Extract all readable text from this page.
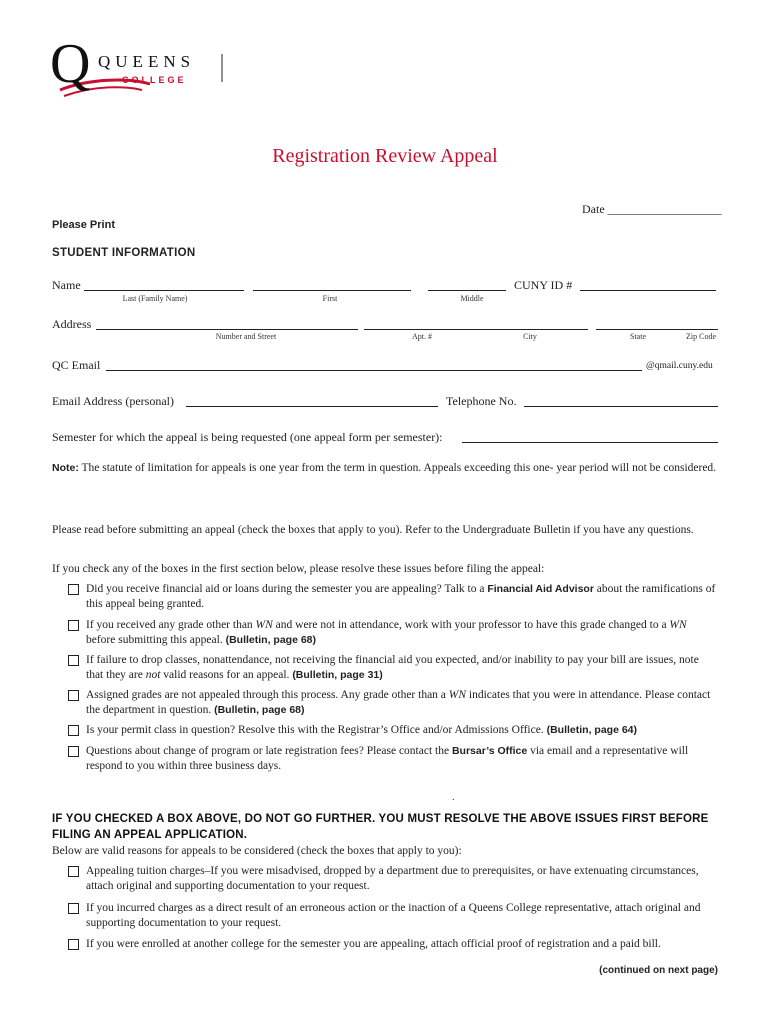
Q QUEENS
COLLEGE
Registration Review Appeal
Date ___________________
Please Print
STUDENT INFORMATION
Name	CUNY ID #
Last (Family Name)	First	Middle
Address
Number and Street	Apt. #	City	State	Zip Code
QC Email	@qmail.cuny.edu
Email Address (personal)	Telephone No.
Semester for which the appeal is being requested (one appeal form per semester):
Note: The statute of limitation for appeals is one year from the term in question. Appeals exceeding this one- year period will not be considered.
Please read before submitting an appeal (check the boxes that apply to you). Refer to the Undergraduate Bulletin if you have any questions.
If you check any of the boxes in the first section below, please resolve these issues before filing the appeal:
Did you receive financial aid or loans during the semester you are appealing? Talk to a Financial Aid Advisor about the ramifications of this appeal being granted.
If you received any grade other than WN and were not in attendance, work with your professor to have this grade changed to a WN before submitting this appeal. (Bulletin, page 68)
If failure to drop classes, nonattendance, not receiving the financial aid you expected, and/or inability to pay your bill are issues, note that they are not valid reasons for an appeal. (Bulletin, page 31)
Assigned grades are not appealed through this process. Any grade other than a WN indicates that you were in attendance. Please contact the department in question. (Bulletin, page 68)
Is your permit class in question? Resolve this with the Registrar’s Office and/or Admissions Office. (Bulletin, page 64)
Questions about change of program or late registration fees? Please contact the Bursar’s Office via email and a representative will respond to you within three business days.
.
IF YOU CHECKED A BOX ABOVE, DO NOT GO FURTHER. YOU MUST RESOLVE THE ABOVE ISSUES FIRST BEFORE FILING AN APPEAL APPLICATION.
Below are valid reasons for appeals to be considered (check the boxes that apply to you):
Appealing tuition charges–If you were misadvised, dropped by a department due to prerequisites, or have extenuating circumstances, attach original and supporting documentation to your request.
If you incurred charges as a direct result of an erroneous action or the inaction of a Queens College representative, attach original and supporting documentation to your request.
If you were enrolled at another college for the semester you are appealing, attach official proof of registration and a paid bill.
(continued on next page)
